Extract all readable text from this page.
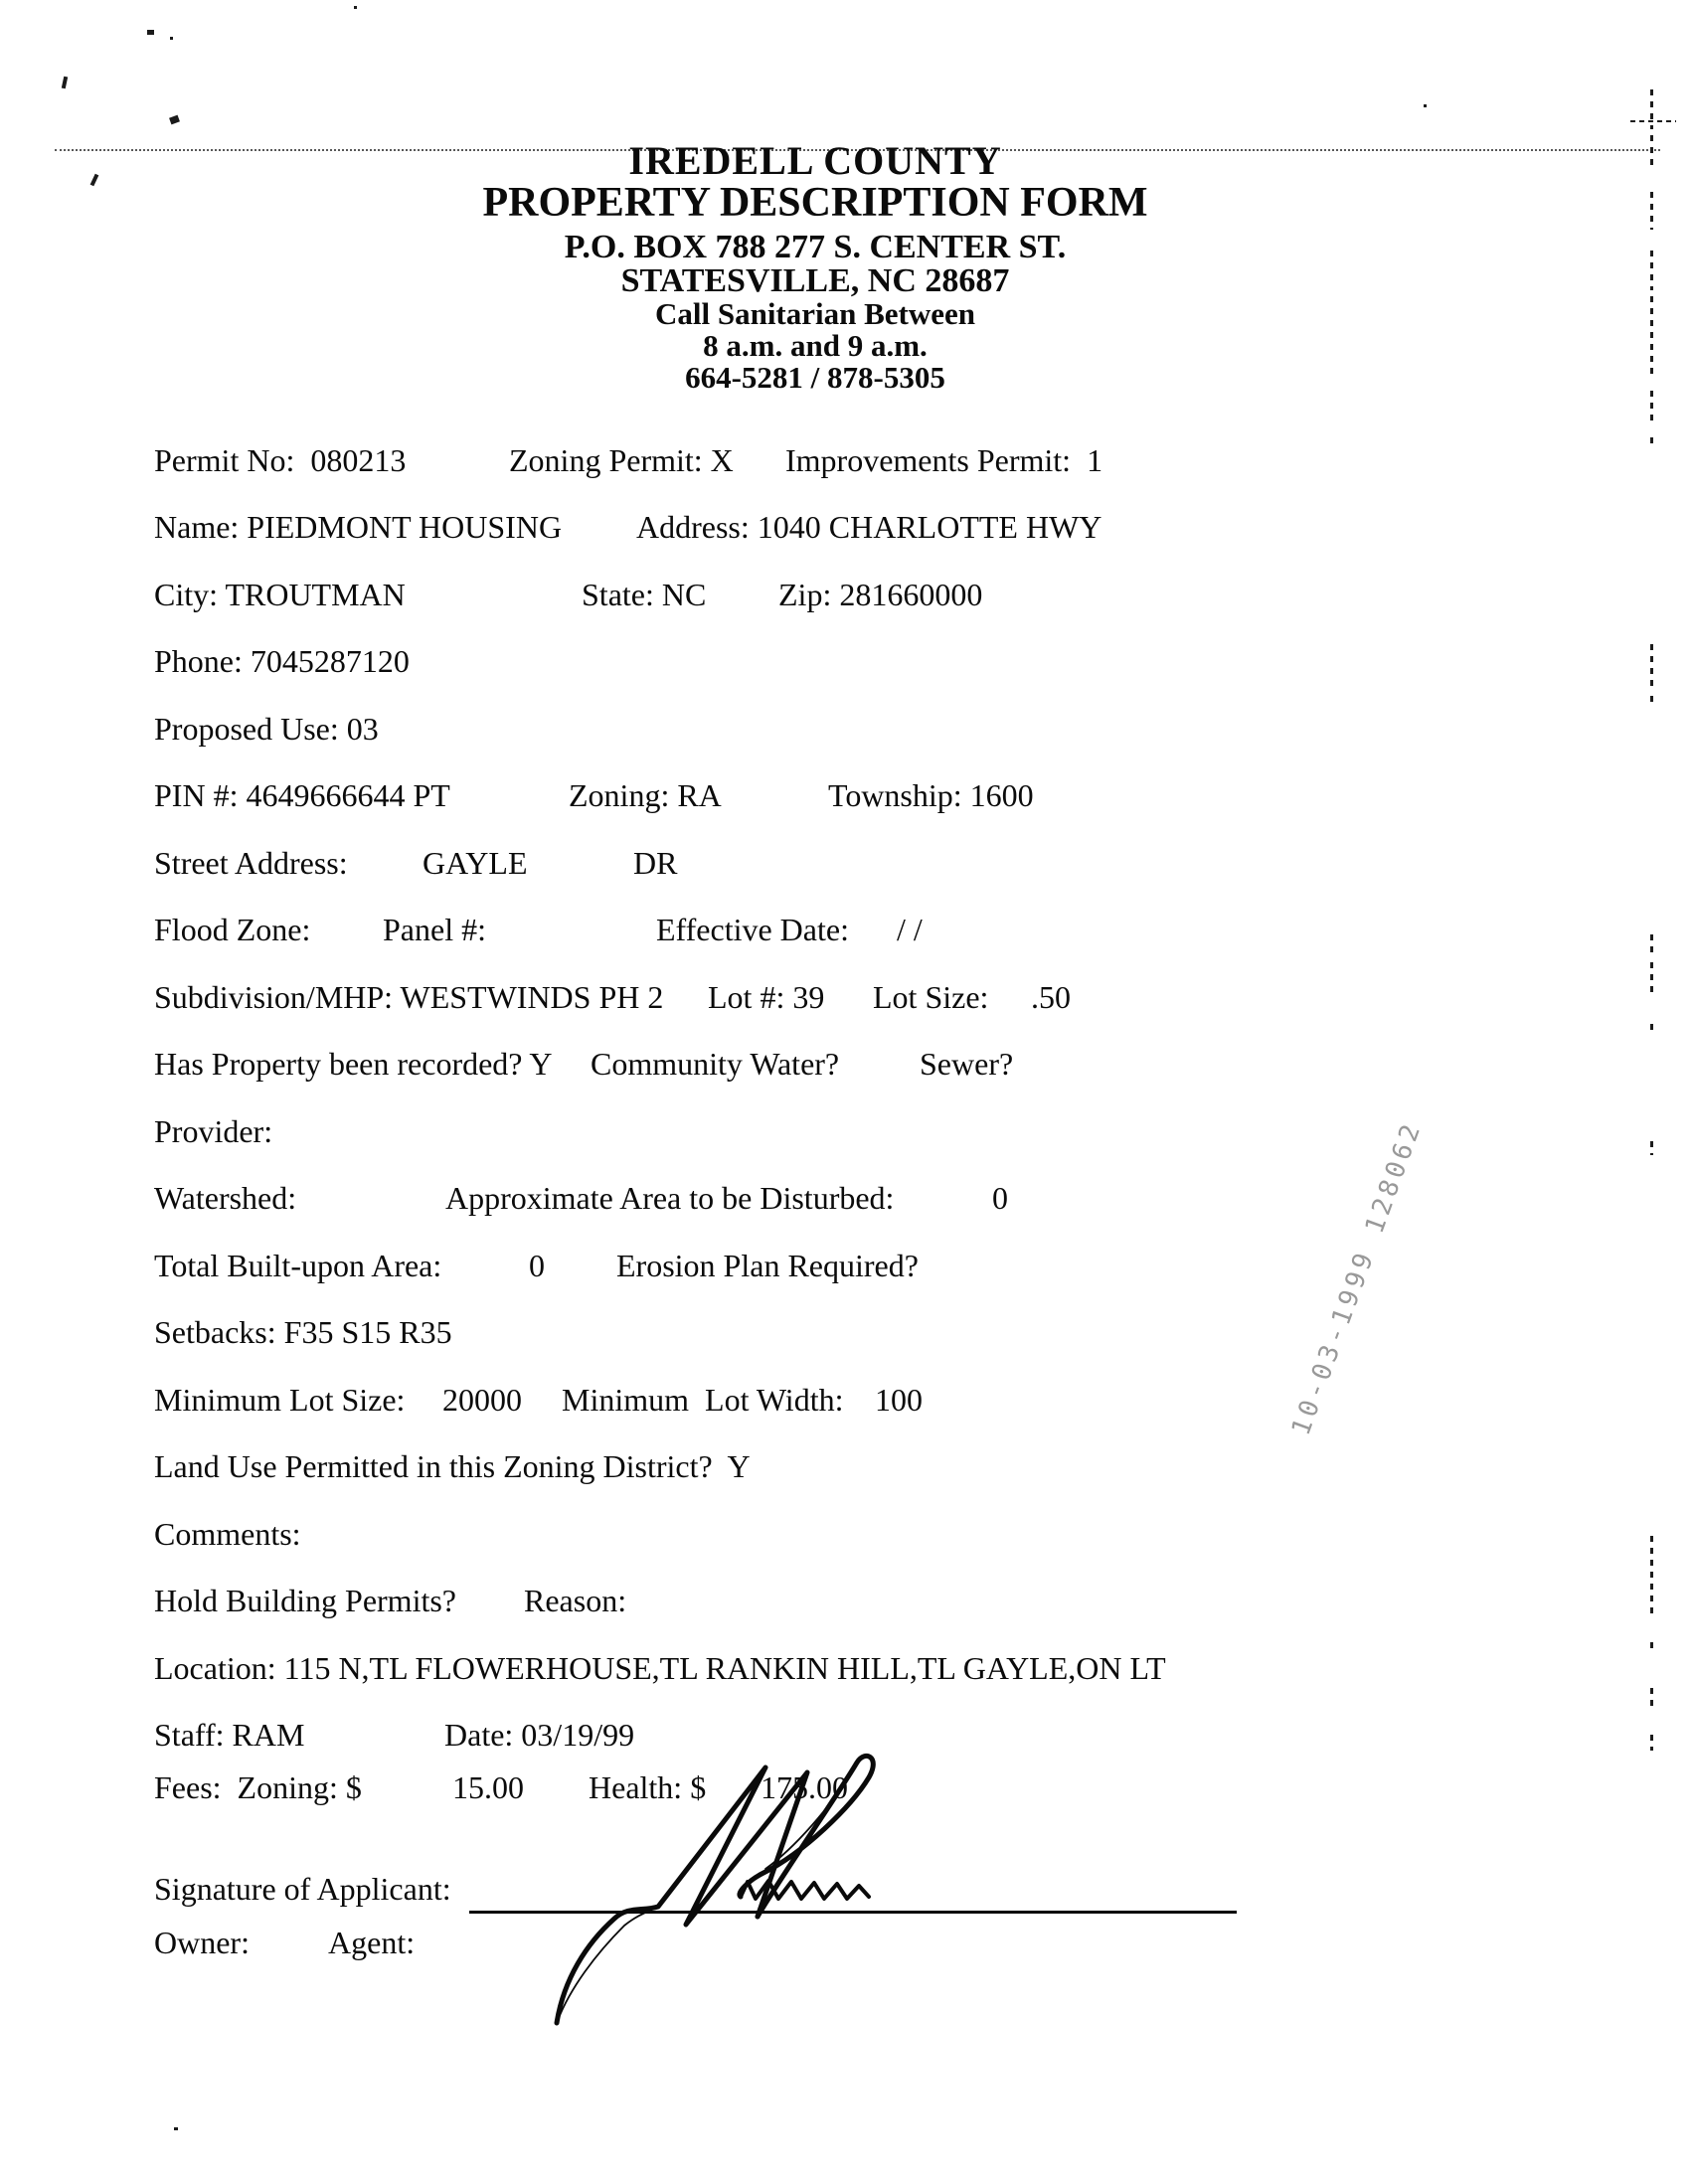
IREDELL COUNTY
PROPERTY DESCRIPTION FORM
P.O. BOX 788 277 S. CENTER ST.
STATESVILLE, NC 28687
Call Sanitarian Between
8 a.m. and 9 a.m.
664-5281 / 878-5305
Permit No:  080213	Zoning Permit: X Improvements Permit:  1
Name: PIEDMONT HOUSING Address: 1040 CHARLOTTE HWY
City: TROUTMAN	State: NC Zip: 281660000
Phone: 7045287120
Proposed Use: 03
PIN #: 4649666644 PT	Zoning: RA	Township: 1600
Street Address: GAYLE	DR
Flood Zone: Panel #:	Effective Date: / /
Subdivision/MHP: WESTWINDS PH 2 Lot #: 39 Lot Size: .50
Has Property been recorded? Y Community Water?	Sewer?
Provider:
Watershed:	Approximate Area to be Disturbed:	0
Total Built-upon Area:	0 Erosion Plan Required?
Setbacks: F35 S15 R35
Minimum Lot Size: 20000 Minimum  Lot Width: 100
Land Use Permitted in this Zoning District?  Y
Comments:
Hold Building Permits? Reason:
Location: 115 N,TL FLOWERHOUSE,TL RANKIN HILL,TL GAYLE,ON LT
Staff: RAM	Date: 03/19/99
Fees:  Zoning: $	15.00 Health: $ 175.00
Signature of Applicant:
Owner: Agent:
10-03-1999 128062
